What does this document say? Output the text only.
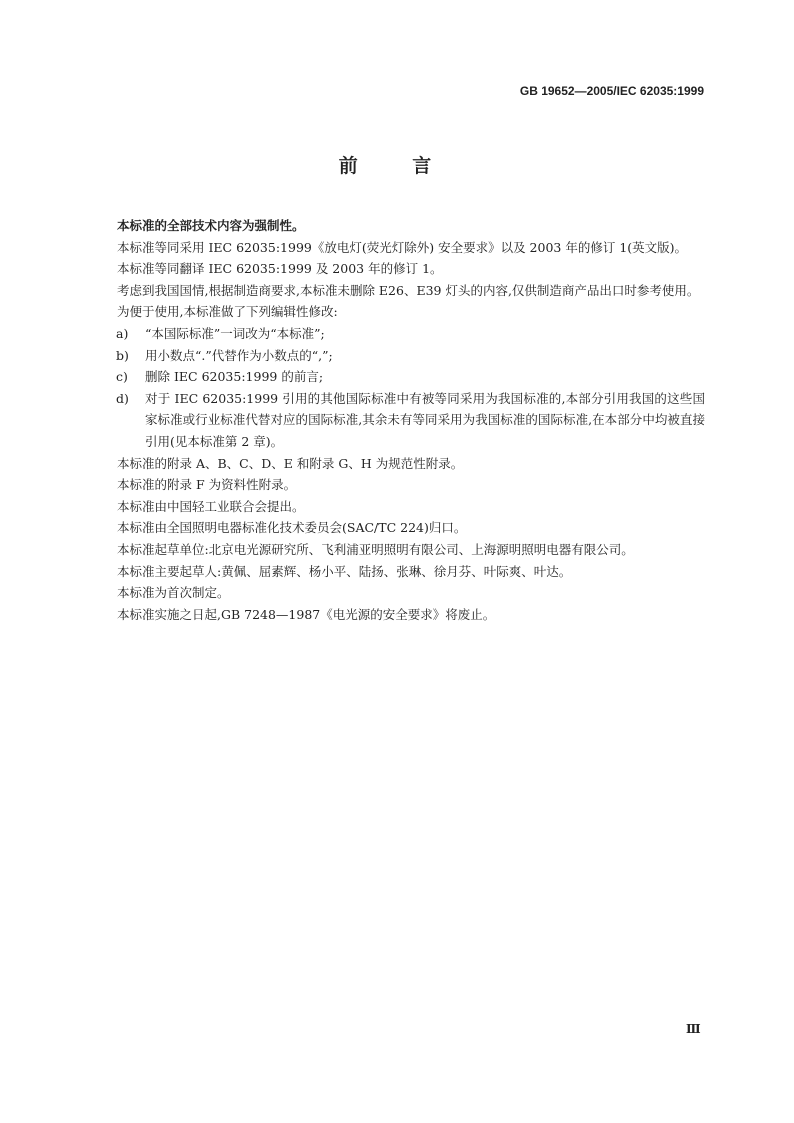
GB 19652—2005/IEC 62035:1999
前 言

本标准的全部技术内容为强制性。

本标准等同采用 IEC 62035:1999《放电灯(荧光灯除外) 安全要求》以及 2003 年的修订 1(英文版)。

本标准等同翻译 IEC 62035:1999 及 2003 年的修订 1。

考虑到我国国情,根据制造商要求,本标准未删除 E26、E39 灯头的内容,仅供制造商产品出口时参考使用。

为便于使用,本标准做了下列编辑性修改:

a)	“本国际标准”一词改为“本标准”;
b)	用小数点“.”代替作为小数点的“,”;
c)	删除 IEC 62035:1999 的前言;
d)	对于 IEC 62035:1999 引用的其他国际标准中有被等同采用为我国标准的,本部分引用我国的这些国家标准或行业标准代替对应的国际标准,其余未有等同采用为我国标准的国际标准,在本部分中均被直接引用(见本标准第 2 章)。

本标准的附录 A、B、C、D、E 和附录 G、H 为规范性附录。

本标准的附录 F 为资料性附录。

本标准由中国轻工业联合会提出。

本标准由全国照明电器标准化技术委员会(SAC/TC 224)归口。

本标准起草单位:北京电光源研究所、飞利浦亚明照明有限公司、上海源明照明电器有限公司。

本标准主要起草人:黄佩、屈素辉、杨小平、陆扬、张琳、徐月芬、叶际爽、叶达。

本标准为首次制定。

本标准实施之日起,GB 7248—1987《电光源的安全要求》将废止。

Ⅲ
